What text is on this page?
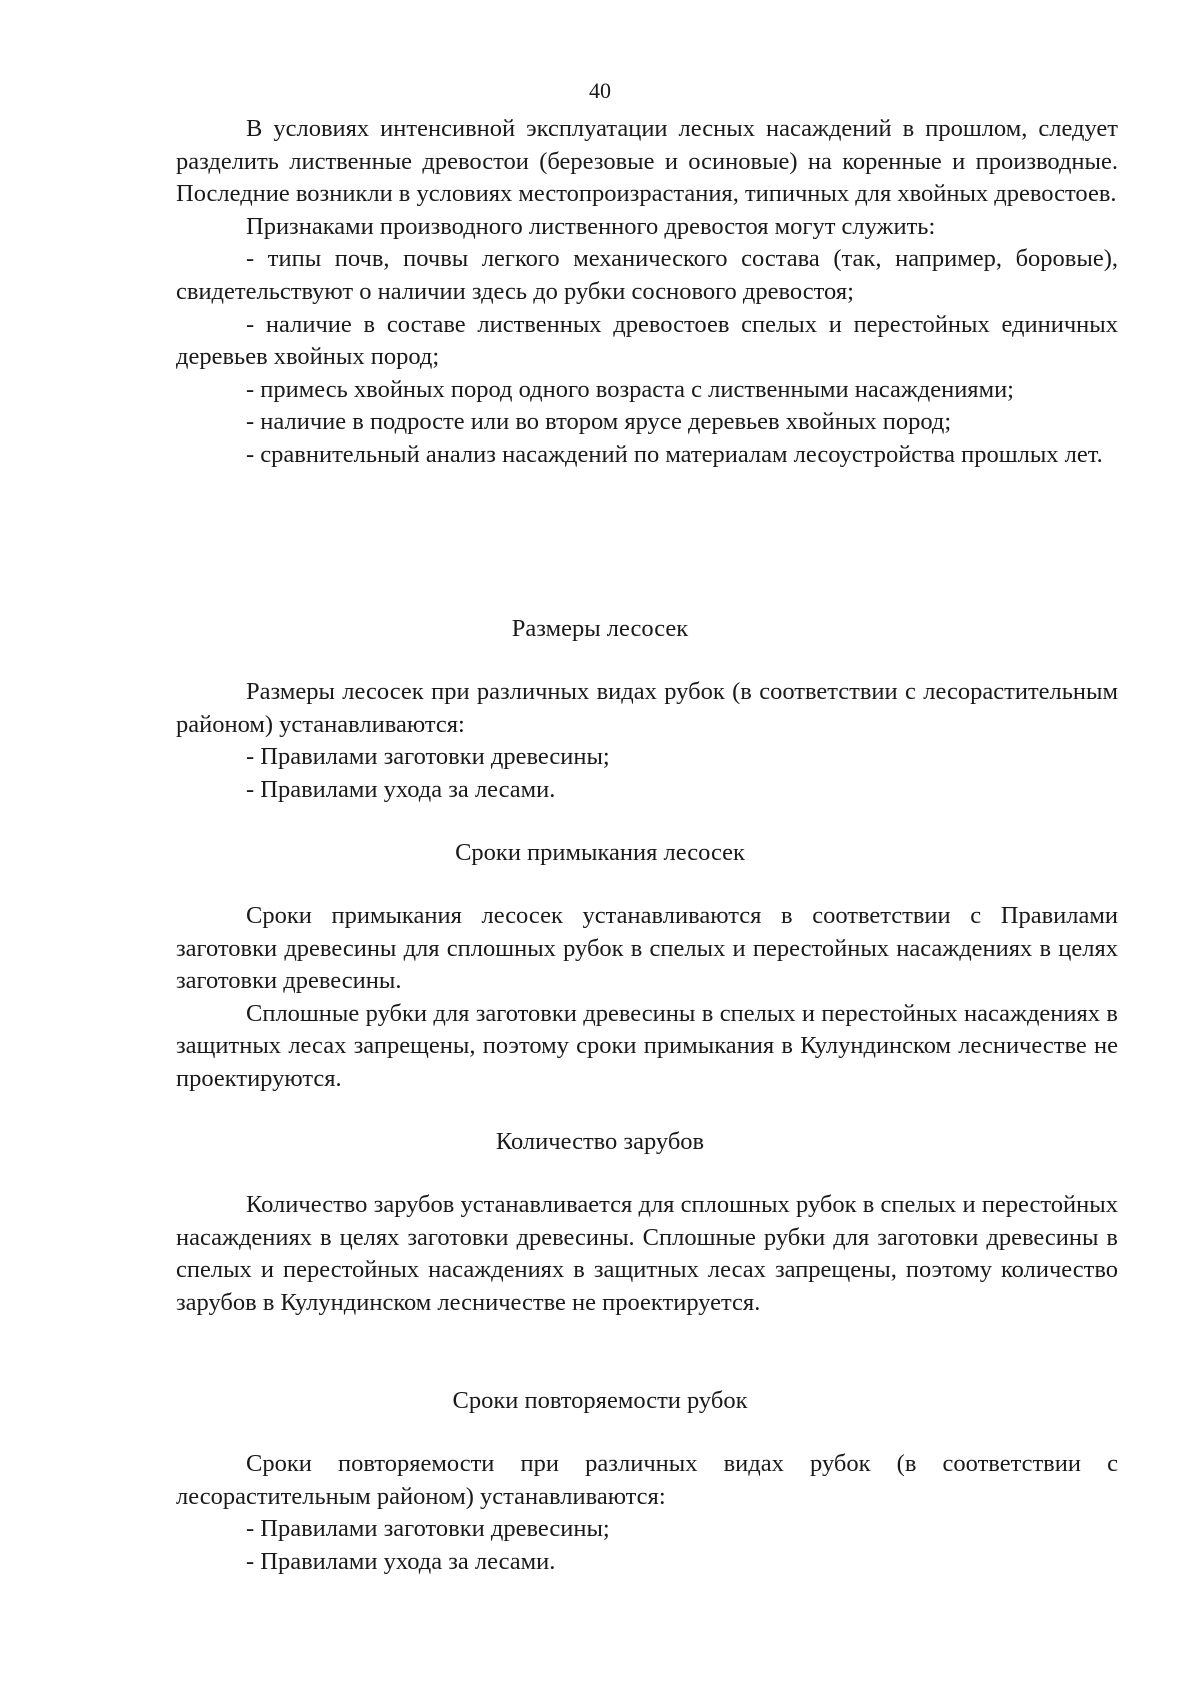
40

В условиях интенсивной эксплуатации лесных насаждений в прошлом, следует разделить лиственные древостои (березовые и осиновые) на коренные и производные. Последние возникли в условиях местопроизрастания, типичных для хвойных древостоев.

Признаками производного лиственного древостоя могут служить:

- типы почв, почвы легкого механического состава (так, например, боровые), свидетельствуют о наличии здесь до рубки соснового древостоя;

- наличие в составе лиственных древостоев спелых и перестойных единичных деревьев хвойных пород;

- примесь хвойных пород одного возраста с лиственными насаждениями;

- наличие в подросте или во втором ярусе деревьев хвойных пород;

- сравнительный анализ насаждений по материалам лесоустройства прошлых лет.

Размеры лесосек

Размеры лесосек при различных видах рубок (в соответствии с лесорастительным районом) устанавливаются:

- Правилами заготовки древесины;

- Правилами ухода за лесами.

Сроки примыкания лесосек

Сроки примыкания лесосек устанавливаются в соответствии с Правилами заготовки древесины для сплошных рубок в спелых и перестойных насаждениях в целях заготовки древесины.

Сплошные рубки для заготовки древесины в спелых и перестойных насаждениях в защитных лесах запрещены, поэтому сроки примыкания в Кулундинском лесничестве не проектируются.

Количество зарубов

Количество зарубов устанавливается для сплошных рубок в спелых и перестойных насаждениях в целях заготовки древесины. Сплошные рубки для заготовки древесины в спелых и перестойных насаждениях в защитных лесах запрещены, поэтому количество зарубов в Кулундинском лесничестве не проектируется.

Сроки повторяемости рубок

Сроки повторяемости при различных видах рубок (в соответствии с лесорастительным районом) устанавливаются:

- Правилами заготовки древесины;

- Правилами ухода за лесами.
